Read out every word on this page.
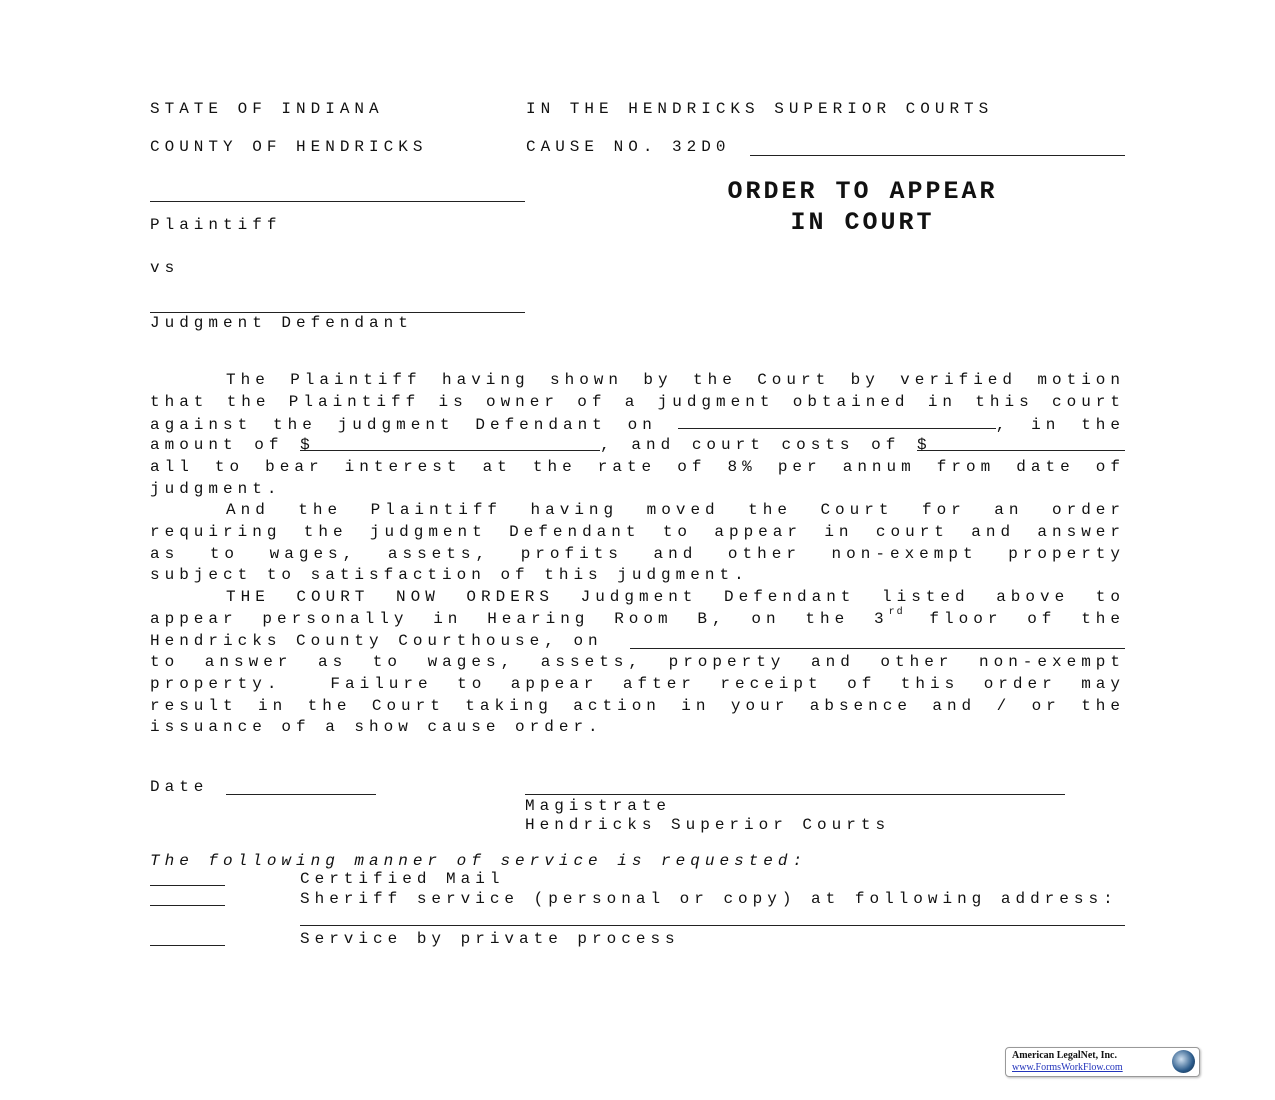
STATE OF INDIANA	IN THE HENDRICKS SUPERIOR COURTS
COUNTY OF HENDRICKS	CAUSE NO. 32D0
ORDER TO APPEAR
IN COURT
Plaintiff
vs
Judgment Defendant
The Plaintiff having shown by the Court by verified motion
that the Plaintiff is owner of a judgment obtained in this court
against the judgment Defendant on	, in the
amount of $	, and court costs of $
all to bear interest at the rate of 8% per annum from date of
judgment.
And the Plaintiff having moved the Court for an order
requiring the judgment Defendant to appear in court and answer
as to wages, assets, profits and other non-exempt property
subject to satisfaction of this judgment.
THE COURT NOW ORDERS Judgment Defendant listed above to
appear personally in Hearing Room B, on the 3rd floor of the
Hendricks County Courthouse, on
to answer as to wages, assets, property and other non-exempt
property.  Failure to appear after receipt of this order may
result in the Court taking action in your absence and / or the
issuance of a show cause order.
Date
Magistrate
Hendricks Superior Courts
The following manner of service is requested:
Certified Mail
Sheriff service (personal or copy) at following address:
Service by private process
American LegalNet, Inc.
www.FormsWorkFlow.com
